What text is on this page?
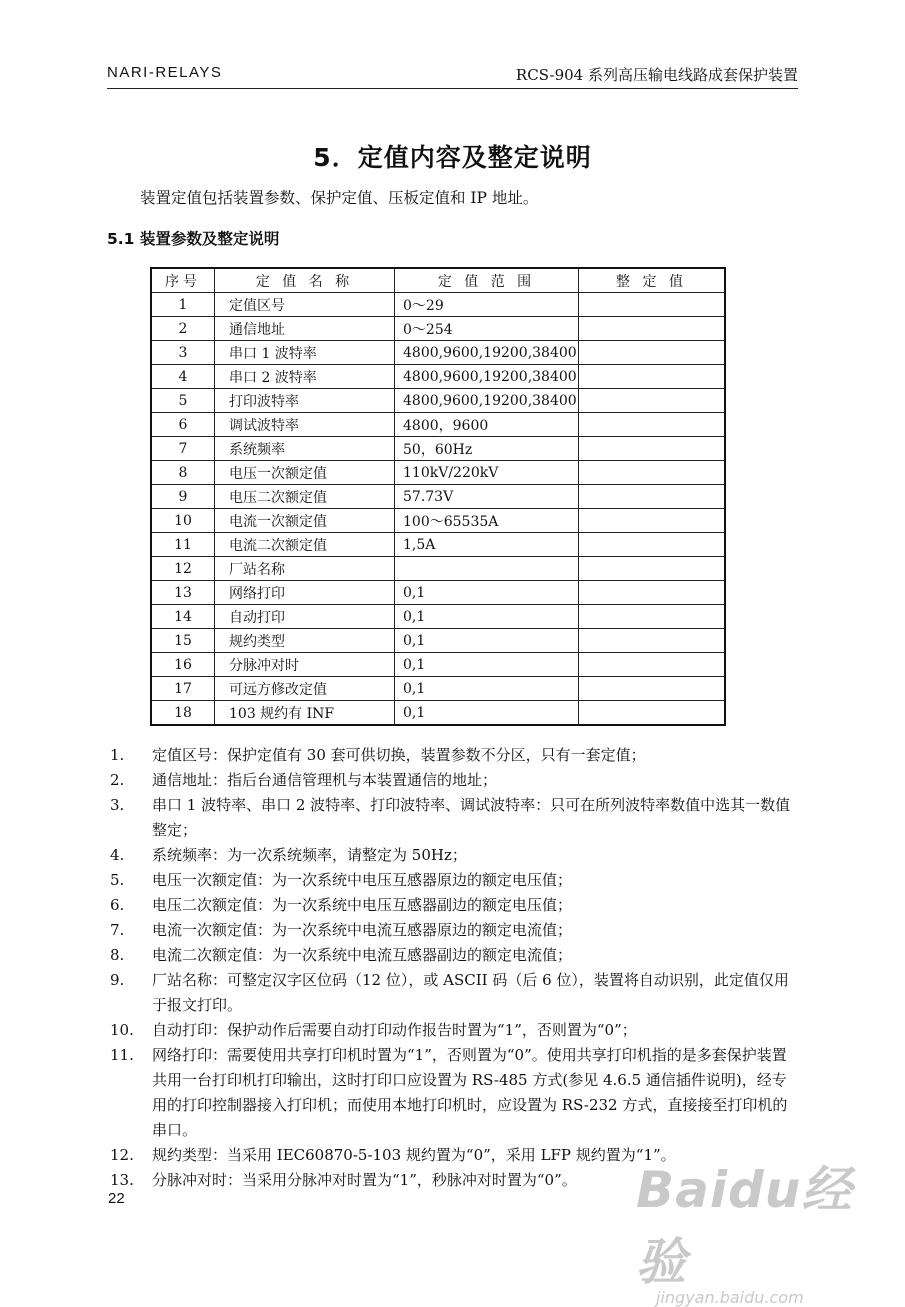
NARI-RELAYS	RCS-904 系列高压输电线路成套保护装置
5．定值内容及整定说明
装置定值包括装置参数、保护定值、压板定值和 IP 地址。
5.1 装置参数及整定说明
序号	定 值 名 称	定 值 范 围	整 定 值
1	定值区号	0～29	
2	通信地址	0～254	
3	串口 1 波特率	4800,9600,19200,38400	
4	串口 2 波特率	4800,9600,19200,38400	
5	打印波特率	4800,9600,19200,38400	
6	调试波特率	4800，9600	
7	系统频率	50，60Hz	
8	电压一次额定值	110kV/220kV	
9	电压二次额定值	57.73V	
10	电流一次额定值	100～65535A	
11	电流二次额定值	1,5A	
12	厂站名称		
13	网络打印	0,1	
14	自动打印	0,1	
15	规约类型	0,1	
16	分脉冲对时	0,1	
17	可远方修改定值	0,1	
18	103 规约有 INF	0,1	
1. 定值区号：保护定值有 30 套可供切换，装置参数不分区，只有一套定值；
2. 通信地址：指后台通信管理机与本装置通信的地址；
3. 串口 1 波特率、串口 2 波特率、打印波特率、调试波特率：只可在所列波特率数值中选其一数值整定；
4. 系统频率：为一次系统频率，请整定为 50Hz；
5. 电压一次额定值：为一次系统中电压互感器原边的额定电压值；
6. 电压二次额定值：为一次系统中电压互感器副边的额定电压值；
7. 电流一次额定值：为一次系统中电流互感器原边的额定电流值；
8. 电流二次额定值：为一次系统中电流互感器副边的额定电流值；
9. 厂站名称：可整定汉字区位码（12 位），或 ASCII 码（后 6 位），装置将自动识别，此定值仅用于报文打印。
10. 自动打印：保护动作后需要自动打印动作报告时置为“1”，否则置为“0”；
11. 网络打印：需要使用共享打印机时置为“1”，否则置为“0”。使用共享打印机指的是多套保护装置共用一台打印机打印输出，这时打印口应设置为 RS-485 方式(参见 4.6.5 通信插件说明)，经专用的打印控制器接入打印机；而使用本地打印机时，应设置为 RS-232 方式，直接接至打印机的串口。
12. 规约类型：当采用 IEC60870-5-103 规约置为“0”，采用 LFP 规约置为“1”。
13. 分脉冲对时：当采用分脉冲对时置为“1”，秒脉冲对时置为“0”。
22	Baidu经验
jingyan.baidu.com
